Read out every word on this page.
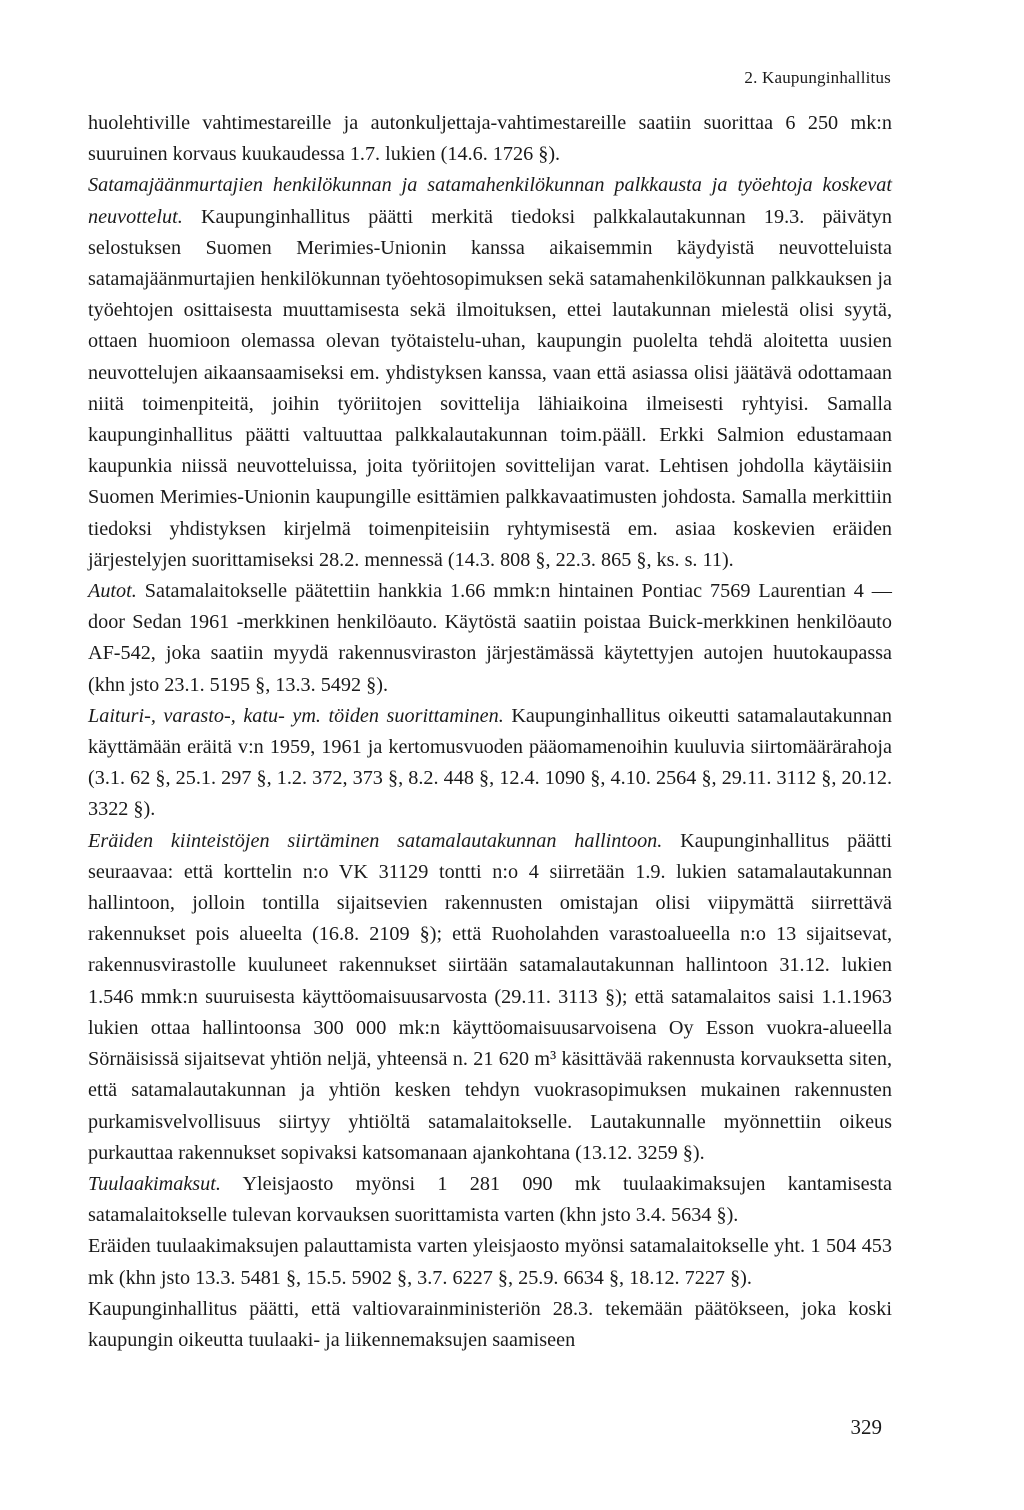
2. Kaupunginhallitus

huolehtiville vahtimestareille ja autonkuljettaja-vahtimestareille saatiin suorittaa 6 250 mk:n suuruinen korvaus kuukaudessa 1.7. lukien (14.6. 1726 §).

Satamajäänmurtajien henkilökunnan ja satamahenkilökunnan palkkausta ja työehtoja koskevat neuvottelut. Kaupunginhallitus päätti merkitä tiedoksi palkkalautakunnan 19.3. päivätyn selostuksen Suomen Merimies-Unionin kanssa aikaisemmin käydyistä neuvotteluista satamajäänmurtajien henkilökunnan työehtosopimuksen sekä satamahenkilökunnan palkkauksen ja työehtojen osittaisesta muuttamisesta sekä ilmoituksen, ettei lautakunnan mielestä olisi syytä, ottaen huomioon olemassa olevan työtaistelu-uhan, kaupungin puolelta tehdä aloitetta uusien neuvottelujen aikaansaamiseksi em. yhdistyksen kanssa, vaan että asiassa olisi jäätävä odottamaan niitä toimenpiteitä, joihin työriitojen sovittelija lähiaikoina ilmeisesti ryhtyisi. Samalla kaupunginhallitus päätti valtuuttaa palkkalautakunnan toim.pääll. Erkki Salmion edustamaan kaupunkia niissä neuvotteluissa, joita työriitojen sovittelijan varat. Lehtisen johdolla käytäisiin Suomen Merimies-Unionin kaupungille esittämien palkkavaatimusten johdosta. Samalla merkittiin tiedoksi yhdistyksen kirjelmä toimenpiteisiin ryhtymisestä em. asiaa koskevien eräiden järjestelyjen suorittamiseksi 28.2. mennessä (14.3. 808 §, 22.3. 865 §, ks. s. 11).

Autot. Satamalaitokselle päätettiin hankkia 1.66 mmk:n hintainen Pontiac 7569 Laurentian 4 — door Sedan 1961 -merkkinen henkilöauto. Käytöstä saatiin poistaa Buick-merkkinen henkilöauto AF-542, joka saatiin myydä rakennusviraston järjestämässä käytettyjen autojen huutokaupassa (khn jsto 23.1. 5195 §, 13.3. 5492 §).

Laituri-, varasto-, katu- ym. töiden suorittaminen. Kaupunginhallitus oikeutti satamalautakunnan käyttämään eräitä v:n 1959, 1961 ja kertomusvuoden pääomamenoihin kuuluvia siirtomäärärahoja (3.1. 62 §, 25.1. 297 §, 1.2. 372, 373 §, 8.2. 448 §, 12.4. 1090 §, 4.10. 2564 §, 29.11. 3112 §, 20.12. 3322 §).

Eräiden kiinteistöjen siirtäminen satamalautakunnan hallintoon. Kaupunginhallitus päätti seuraavaa: että korttelin n:o VK 31129 tontti n:o 4 siirretään 1.9. lukien satamalautakunnan hallintoon, jolloin tontilla sijaitsevien rakennusten omistajan olisi viipymättä siirrettävä rakennukset pois alueelta (16.8. 2109 §); että Ruoholahden varastoalueella n:o 13 sijaitsevat, rakennusvirastolle kuuluneet rakennukset siirtään satamalautakunnan hallintoon 31.12. lukien 1.546 mmk:n suuruisesta käyttöomaisuusarvosta (29.11. 3113 §); että satamalaitos saisi 1.1.1963 lukien ottaa hallintoonsa 300 000 mk:n käyttöomaisuusarvoisena Oy Esson vuokra-alueella Sörnäisissä sijaitsevat yhtiön neljä, yhteensä n. 21 620 m³ käsittävää rakennusta korvauksetta siten, että satamalautakunnan ja yhtiön kesken tehdyn vuokrasopimuksen mukainen rakennusten purkamisvelvollisuus siirtyy yhtiöltä satamalaitokselle. Lautakunnalle myönnettiin oikeus purkauttaa rakennukset sopivaksi katsomanaan ajankohtana (13.12. 3259 §).

Tuulaakimaksut. Yleisjaosto myönsi 1 281 090 mk tuulaakimaksujen kantamisesta satamalaitokselle tulevan korvauksen suorittamista varten (khn jsto 3.4. 5634 §).

Eräiden tuulaakimaksujen palauttamista varten yleisjaosto myönsi satamalaitokselle yht. 1 504 453 mk (khn jsto 13.3. 5481 §, 15.5. 5902 §, 3.7. 6227 §, 25.9. 6634 §, 18.12. 7227 §).

Kaupunginhallitus päätti, että valtiovarainministeriön 28.3. tekemään päätökseen, joka koski kaupungin oikeutta tuulaaki- ja liikennemaksujen saamiseen

329
